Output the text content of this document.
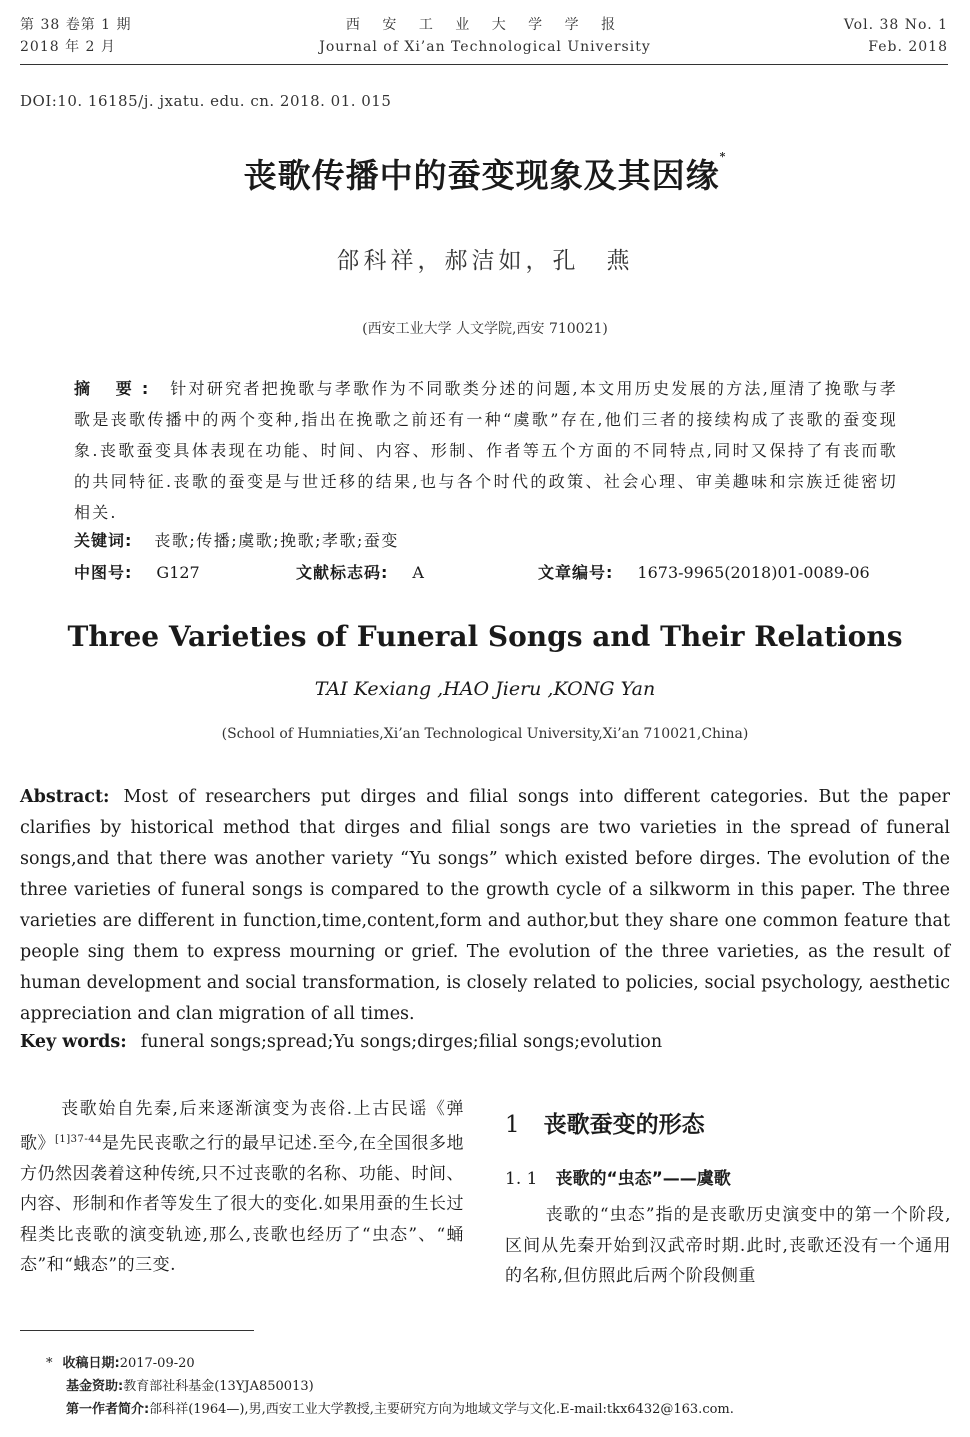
第 38 卷第 1 期
2018 年 2 月
西 安 工 业 大 学 学 报
Journal of Xi’an Technological University
Vol. 38 No. 1
Feb. 2018
DOI:10. 16185/j. jxatu. edu. cn. 2018. 01. 015
丧歌传播中的蚕变现象及其因缘*
郃科祥，郝洁如，孔　燕
(西安工业大学 人文学院,西安 710021)
摘 要: 针对研究者把挽歌与孝歌作为不同歌类分述的问题,本文用历史发展的方法,厘清了挽歌与孝歌是丧歌传播中的两个变种,指出在挽歌之前还有一种“虞歌”存在,他们三者的接续构成了丧歌的蚕变现象.丧歌蚕变具体表现在功能、时间、内容、形制、作者等五个方面的不同特点,同时又保持了有丧而歌的共同特征.丧歌的蚕变是与世迁移的结果,也与各个时代的政策、社会心理、审美趣味和宗族迁徙密切相关.
关键词: 丧歌;传播;虞歌;挽歌;孝歌;蚕变
中图号: G127	文献标志码: A	文章编号: 1673-9965(2018)01-0089-06
Three Varieties of Funeral Songs and Their Relations
TAI Kexiang ,HAO Jieru ,KONG Yan
(School of Humniaties,Xi’an Technological University,Xi’an 710021,China)
Abstract: Most of researchers put dirges and filial songs into different categories. But the paper clarifies by historical method that dirges and filial songs are two varieties in the spread of funeral songs,and that there was another variety “Yu songs” which existed before dirges. The evolution of the three varieties of funeral songs is compared to the growth cycle of a silkworm in this paper. The three varieties are different in function,time,content,form and author,but they share one common feature that people sing them to express mourning or grief. The evolution of the three varieties, as the result of human development and social transformation, is closely related to policies, social psychology, aesthetic appreciation and clan migration of all times.
Key words: funeral songs;spread;Yu songs;dirges;filial songs;evolution
丧歌始自先秦,后来逐渐演变为丧俗.上古民谣《弹歌》$^{[1]37-44}$是先民丧歌之行的最早记述.至今,在全国很多地方仍然因袭着这种传统,只不过丧歌的名称、功能、时间、内容、形制和作者等发生了很大的变化.如果用蚕的生长过程类比丧歌的演变轨迹,那么,丧歌也经历了“虫态”、“蛹态”和“蛾态”的三变.
1 丧歌蚕变的形态
1. 1 丧歌的“虫态”——虞歌
丧歌的“虫态”指的是丧歌历史演变中的第一个阶段,区间从先秦开始到汉武帝时期.此时,丧歌还没有一个通用的名称,但仿照此后两个阶段侧重
* 收稿日期:2017-09-20
基金资助:教育部社科基金(13YJA850013)
第一作者简介:郃科祥(1964—),男,西安工业大学教授,主要研究方向为地域文学与文化.E-mail:tkx6432@163.com.
